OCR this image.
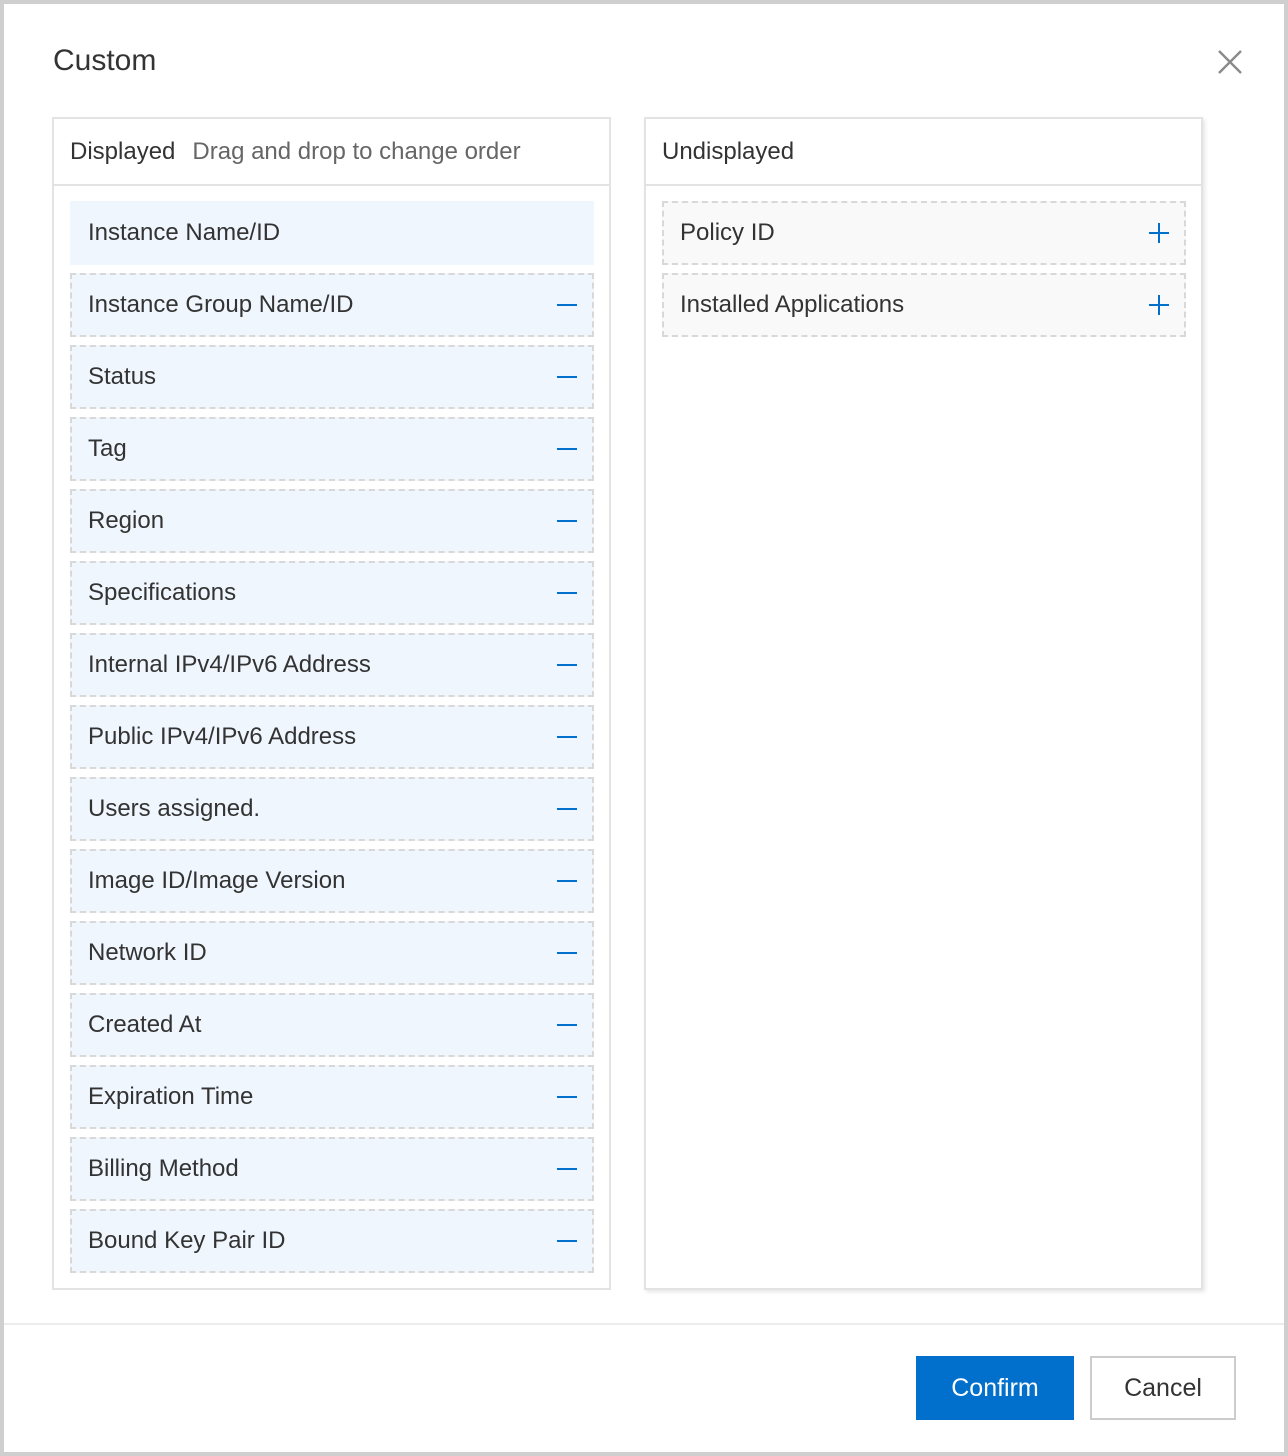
Custom
Displayed Drag and drop to change order
Instance Name/ID
Instance Group Name/ID
Status
Tag
Region
Specifications
Internal IPv4/IPv6 Address
Public IPv4/IPv6 Address
Users assigned.
Image ID/Image Version
Network ID
Created At
Expiration Time
Billing Method
Bound Key Pair ID
Undisplayed
Policy ID
Installed Applications
Confirm	Cancel
